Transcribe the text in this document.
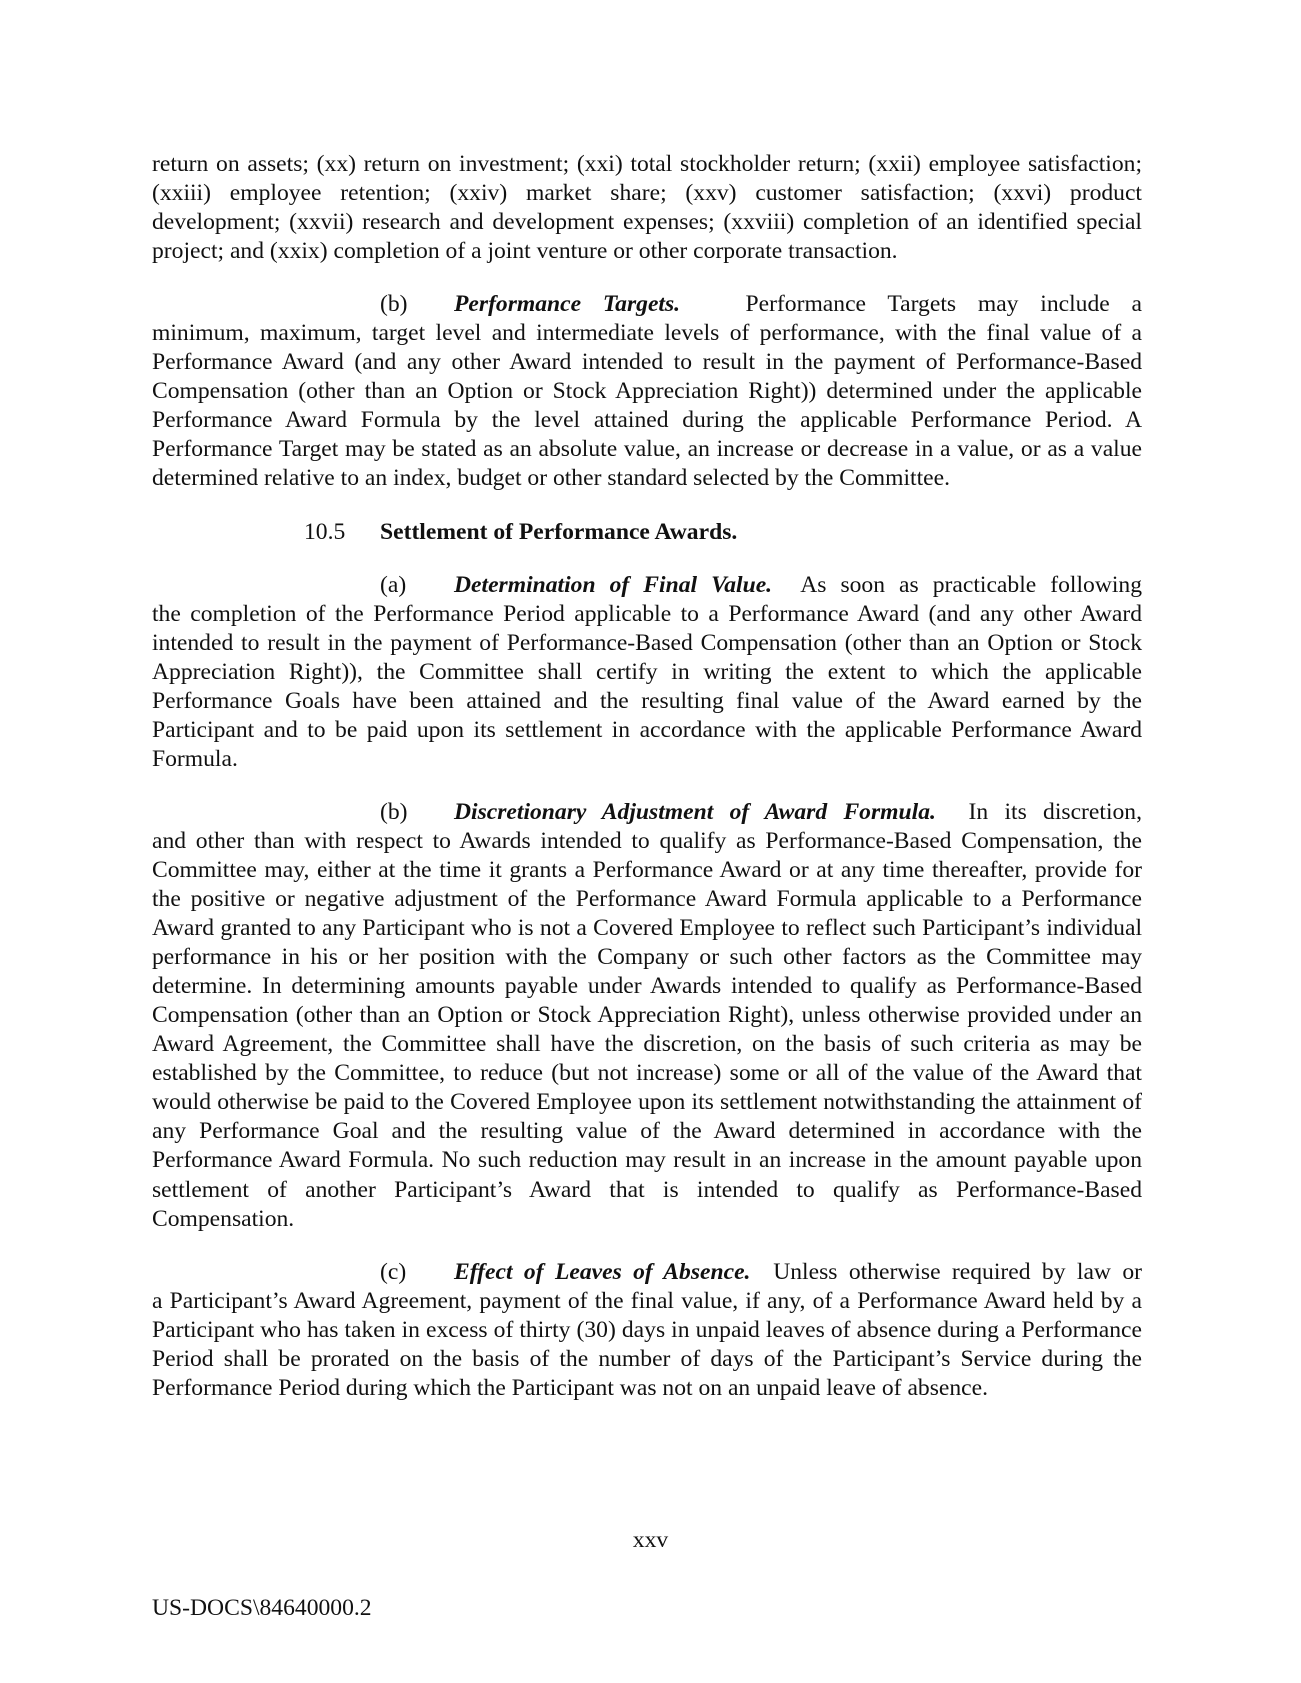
return on assets; (xx) return on investment; (xxi) total stockholder return; (xxii) employee satisfaction; (xxiii) employee retention; (xxiv) market share; (xxv) customer satisfaction; (xxvi) product development; (xxvii) research and development expenses; (xxviii) completion of an identified special project; and (xxix) completion of a joint venture or other corporate transaction.

(b) Performance Targets.	Performance Targets may include a

minimum, maximum, target level and intermediate levels of performance, with the final value of a Performance Award (and any other Award intended to result in the payment of Performance-Based Compensation (other than an Option or Stock Appreciation Right)) determined under the applicable Performance Award Formula by the level attained during the applicable Performance Period. A Performance Target may be stated as an absolute value, an increase or decrease in a value, or as a value determined relative to an index, budget or other standard selected by the Committee.

10.5 Settlement of Performance Awards.
(a) Determination of Final Value. As soon as practicable following

the completion of the Performance Period applicable to a Performance Award (and any other Award intended to result in the payment of Performance-Based Compensation (other than an Option or Stock Appreciation Right)), the Committee shall certify in writing the extent to which the applicable Performance Goals have been attained and the resulting final value of the Award earned by the Participant and to be paid upon its settlement in accordance with the applicable Performance Award Formula.

(b) Discretionary Adjustment of Award Formula. In its discretion,

and other than with respect to Awards intended to qualify as Performance-Based Compensation, the Committee may, either at the time it grants a Performance Award or at any time thereafter, provide for the positive or negative adjustment of the Performance Award Formula applicable to a Performance Award granted to any Participant who is not a Covered Employee to reflect such Participant’s individual performance in his or her position with the Company or such other factors as the Committee may determine. In determining amounts payable under Awards intended to qualify as Performance-Based Compensation (other than an Option or Stock Appreciation Right), unless otherwise provided under an Award Agreement, the Committee shall have the discretion, on the basis of such criteria as may be established by the Committee, to reduce (but not increase) some or all of the value of the Award that would otherwise be paid to the Covered Employee upon its settlement notwithstanding the attainment of any Performance Goal and the resulting value of the Award determined in accordance with the Performance Award Formula. No such reduction may result in an increase in the amount payable upon settlement of another Participant’s Award that is intended to qualify as Performance-Based Compensation.

(c) Effect of Leaves of Absence. Unless otherwise required by law or

a Participant’s Award Agreement, payment of the final value, if any, of a Performance Award held by a Participant who has taken in excess of thirty (30) days in unpaid leaves of absence during a Performance Period shall be prorated on the basis of the number of days of the Participant’s Service during the Performance Period during which the Participant was not on an unpaid leave of absence.

xxv
US-DOCS\84640000.2
